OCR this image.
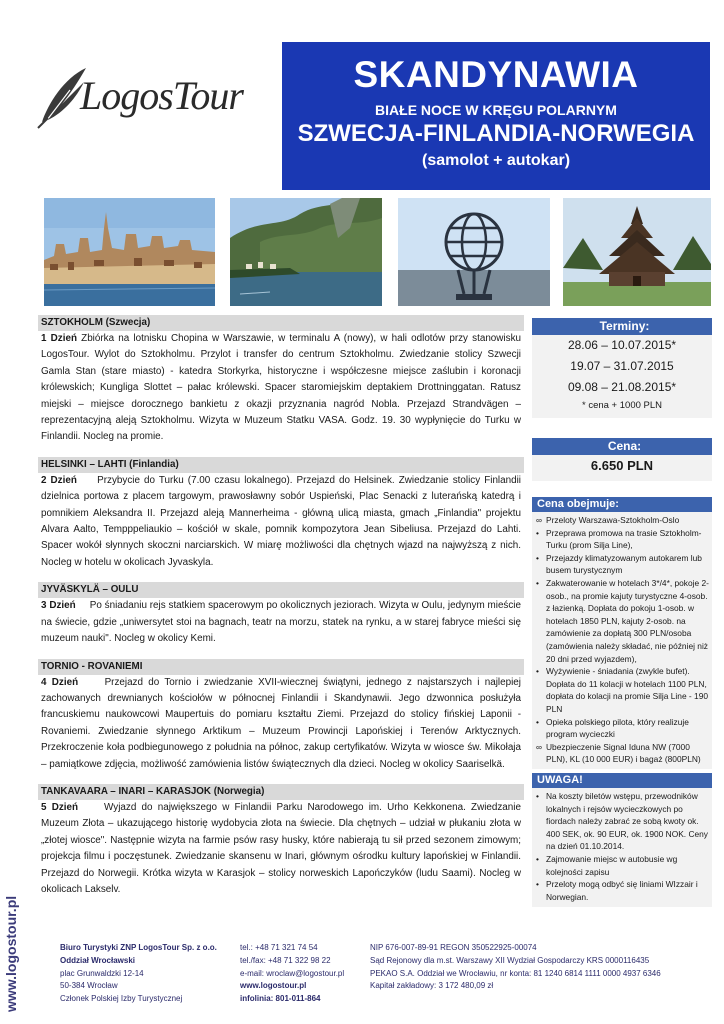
LogosTour	SKANDYNAWIA
BIAŁE NOCE W KRĘGU POLARNYM
SZWECJA-FINLANDIA-NORWEGIA
(samolot + autokar)
SZTOKHOLM (Szwecja)
1 Dzień Zbiórka na lotnisku Chopina w Warszawie, w terminalu A (nowy), w hali odlotów przy stanowisku LogosTour. Wylot do Sztokholmu. Przylot i transfer do centrum Sztokholmu. Zwiedzanie stolicy Szwecji Gamla Stan (stare miasto) - katedra Storkyrka, historyczne i współczesne miejsce zaślubin i koronacji królewskich; Kungliga Slottet – pałac królewski. Spacer staromiejskim deptakiem Drottninggatan. Ratusz miejski – miejsce dorocznego bankietu z okazji przyznania nagród Nobla. Przejazd Strandvägen – reprezentacyjną aleją Sztokholmu. Wizyta w Muzeum Statku VASA. Godz. 19. 30 wypłynięcie do Turku w Finlandii. Nocleg na promie.
HELSINKI – LAHTI (Finlandia)
2 Dzień     Przybycie do Turku (7.00 czasu lokalnego). Przejazd do Helsinek. Zwiedzanie stolicy Finlandii dzielnica portowa z placem targowym, prawosławny sobór Uspieński, Plac Senacki z luterańską katedrą i pomnikiem Aleksandra II. Przejazd aleją Mannerheima - główną ulicą miasta, gmach „Finlandia" projektu Alvara Aalto, Tempppeliaukio – kościół w skale, pomnik kompozytora Jean Sibeliusa. Przejazd do Lahti. Spacer wokół słynnych skoczni narciarskich. W miarę możliwości dla chętnych wjazd na najwyższą z nich. Nocleg w hotelu w okolicach Jyvaskyla.
JYVÄSKYLÄ – OULU
3 Dzień     Po śniadaniu rejs statkiem spacerowym po okolicznych jeziorach. Wizyta w Oulu, jedynym mieście na świecie, gdzie „uniwersytet stoi na bagnach, teatr na morzu, statek na rynku, a w starej fabryce mieści się muzeum nauki". Nocleg w okolicy Kemi.
TORNIO - ROVANIEMI
4 Dzień     Przejazd do Tornio i zwiedzanie XVII-wiecznej świątyni, jednego z najstarszych i najlepiej zachowanych drewnianych kościołów w północnej Finlandii i Skandynawii. Jego dzwonnica posłużyła francuskiemu naukowcowi Maupertuis do pomiaru kształtu Ziemi. Przejazd do stolicy fińskiej Laponii - Rovaniemi. Zwiedzanie słynnego Arktikum – Muzeum Prowincji Lapońskiej i Terenów Arktycznych. Przekroczenie koła podbiegunowego z południa na północ, zakup certyfikatów. Wizyta w wiosce św. Mikołaja – pamiątkowe zdjęcia, możliwość zamówienia listów świątecznych dla dzieci. Nocleg w okolicy Saariselkä.
TANKAVAARA – INARI – KARASJOK (Norwegia)
5 Dzień     Wyjazd do największego w Finlandii Parku Narodowego im. Urho Kekkonena. Zwiedzanie Muzeum Złota – ukazującego historię wydobycia złota na świecie. Dla chętnych – udział w płukaniu złota w „złotej wiosce". Następnie wizyta na farmie psów rasy husky, które nabierają tu sił przed sezonem zimowym; projekcja filmu i poczęstunek. Zwiedzanie skansenu w Inari, głównym ośrodku kultury lapońskiej w Finlandii. Przejazd do Norwegii. Krótka wizyta w Karasjok – stolicy norweskich Lapończyków (ludu Saami). Nocleg w okolicach Lakselv.
Terminy:
28.06 – 10.07.2015*
19.07 – 31.07.2015
09.08 – 21.08.2015*
* cena + 1000 PLN
Cena:
6.650 PLN
Cena obejmuje:
∞ Przeloty Warszawa-Sztokholm-Oslo
• Przeprawa promowa na trasie Sztokholm-Turku (prom Silja Line),
• Przejazdy klimatyzowanym autokarem lub busem turystycznym
• Zakwaterowanie w hotelach 3*/4*, pokoje 2-osob., na promie kajuty turystyczne 4-osob. z łazienką. Dopłata do pokoju 1-osob. w hotelach 1850 PLN, kajuty 2-osob. na zamówienie za dopłatą 300 PLN/osoba (zamówienia należy składać, nie później niż 20 dni przed wyjazdem),
• Wyżywienie - śniadania (zwykle bufet). Dopłata do 11 kolacji w hotelach 1100 PLN, dopłata do kolacji na promie Silja Line - 190 PLN
• Opieka polskiego pilota, który realizuje program wycieczki
∞ Ubezpieczenie Signal Iduna NW (7000 PLN), KL (10 000 EUR) i bagaż (800PLN)
UWAGA!
• Na koszty biletów wstępu, przewodników lokalnych i rejsów wycieczkowych po fiordach należy zabrać ze sobą kwoty ok. 400 SEK, ok. 90 EUR, ok. 1900 NOK. Ceny na dzień 01.10.2014.
• Zajmowanie miejsc w autobusie wg kolejności zapisu
• Przeloty mogą odbyć się liniami WIzzair i Norwegian.
www.logostour.pl	Biuro Turystyki ZNP LogosTour Sp. z o.o.
Oddział Wrocławski
plac Grunwaldzki 12-14
50-384 Wrocław
Członek Polskiej Izby Turystycznej
tel.: +48 71 321 74 54
tel./fax: +48 71 322 98 22
e-mail: wroclaw@logostour.pl
www.logostour.pl
infolinia: 801-011-864
NIP 676-007-89-91 REGON 350522925-00074
Sąd Rejonowy dla m.st. Warszawy XII Wydział Gospodarczy KRS 0000116435
PEKAO S.A. Oddział we Wrocławiu, nr konta: 81 1240 6814 1111 0000 4937 6346
Kapitał zakładowy: 3 172 480,09 zł
